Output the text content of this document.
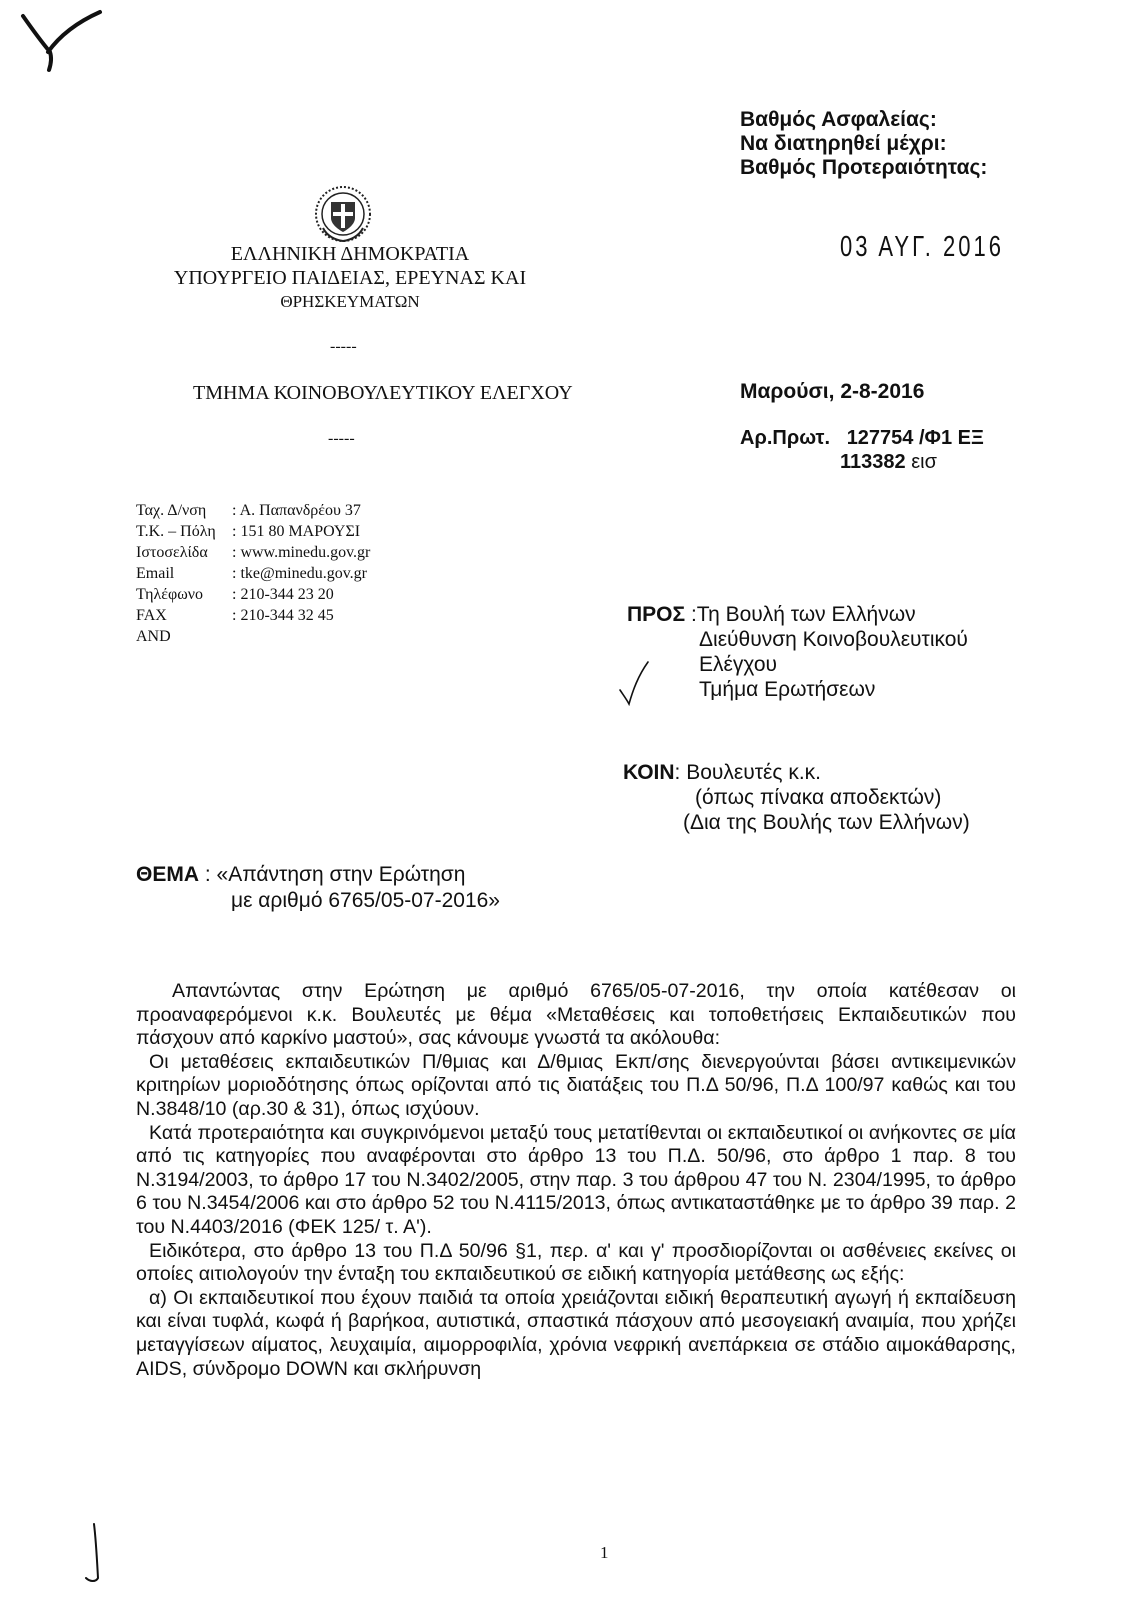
Βαθμός Ασφαλείας:
Να διατηρηθεί μέχρι:
Βαθμός Προτεραιότητας:
03 ΑΥΓ. 2016
ΕΛΛΗΝΙΚΗ ΔΗΜΟΚΡΑΤΙΑ
ΥΠΟΥΡΓΕΙΟ ΠΑΙΔΕΙΑΣ, ΕΡΕΥΝΑΣ ΚΑΙ
ΘΡΗΣΚΕΥΜΑΤΩΝ
-----
ΤΜΗΜΑ ΚΟΙΝΟΒΟΥΛΕΥΤΙΚΟΥ ΕΛΕΓΧΟΥ
-----
Μαρούσι, 2-8-2016
Αρ.Πρωτ. 127754 /Φ1 ΕΞ
113382 εισ
Ταχ. Δ/νση	: Α. Παπανδρέου 37
Τ.Κ. – Πόλη	: 151 80 ΜΑΡΟΥΣΙ
Ιστοσελίδα	: www.minedu.gov.gr
Email	: tke@minedu.gov.gr
Τηλέφωνο	: 210-344 23 20
FAX	: 210-344 32 45
AND
ΠΡΟΣ :Τη Βουλή των Ελλήνων
Διεύθυνση Κοινοβουλευτικού
Ελέγχου
Τμήμα Ερωτήσεων
ΚΟΙΝ: Βουλευτές κ.κ.
(όπως πίνακα αποδεκτών)
(Δια της Βουλής των Ελλήνων)
ΘΕΜΑ : «Απάντηση στην Ερώτηση
με αριθμό 6765/05-07-2016»

Απαντώντας στην Ερώτηση με αριθμό 6765/05-07-2016, την οποία κατέθεσαν οι προαναφερόμενοι κ.κ. Βουλευτές με θέμα «Μεταθέσεις και τοποθετήσεις Εκπαιδευτικών που πάσχουν από καρκίνο μαστού», σας κάνουμε γνωστά τα ακόλουθα:

Οι μεταθέσεις εκπαιδευτικών Π/θμιας και Δ/θμιας Εκπ/σης διενεργούνται βάσει αντικειμενικών κριτηρίων μοριοδότησης όπως ορίζονται από τις διατάξεις του Π.Δ 50/96, Π.Δ 100/97 καθώς και του Ν.3848/10 (αρ.30 & 31), όπως ισχύουν.

Κατά προτεραιότητα και συγκρινόμενοι μεταξύ τους μετατίθενται οι εκπαιδευτικοί οι ανήκοντες σε μία από τις κατηγορίες που αναφέρονται στο άρθρο 13 του Π.Δ. 50/96, στο άρθρο 1 παρ. 8 του Ν.3194/2003, το άρθρο 17 του Ν.3402/2005, στην παρ. 3 του άρθρου 47 του Ν. 2304/1995, το άρθρο 6 του Ν.3454/2006 και στο άρθρο 52 του Ν.4115/2013, όπως αντικαταστάθηκε με το άρθρο 39 παρ. 2 του Ν.4403/2016 (ΦΕΚ 125/ τ. Α').

Ειδικότερα, στο άρθρο 13 του Π.Δ 50/96 §1, περ. α' και γ' προσδιορίζονται οι ασθένειες εκείνες οι οποίες αιτιολογούν την ένταξη του εκπαιδευτικού σε ειδική κατηγορία μετάθεσης ως εξής:

α) Οι εκπαιδευτικοί που έχουν παιδιά τα οποία χρειάζονται ειδική θεραπευτική αγωγή ή εκπαίδευση και είναι τυφλά, κωφά ή βαρήκοα, αυτιστικά, σπαστικά πάσχουν από μεσογειακή αναιμία, που χρήζει μεταγγίσεων αίματος, λευχαιμία, αιμορροφιλία, χρόνια νεφρική ανεπάρκεια σε στάδιο αιμοκάθαρσης, AIDS, σύνδρομο DOWN και σκλήρυνση

1
